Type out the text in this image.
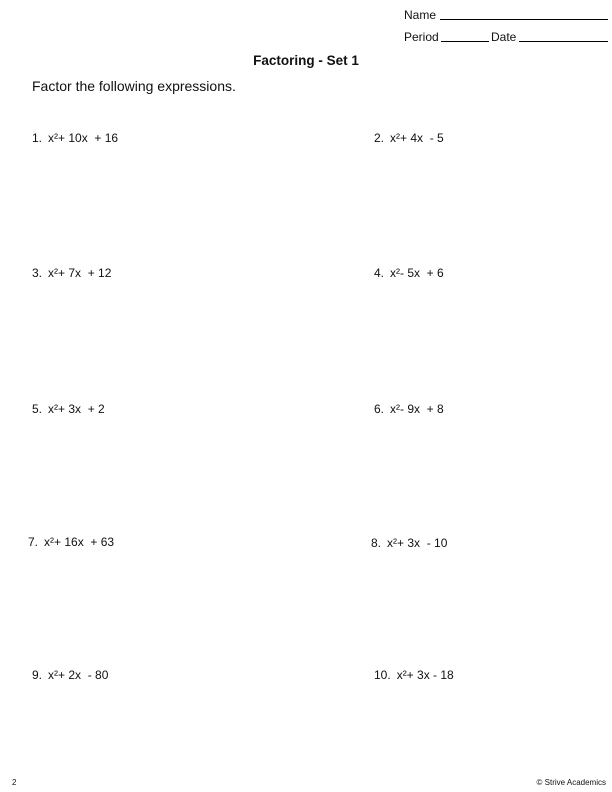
Name
Period	Date
Factoring - Set 1
Factor the following expressions.
1. x²+ 10x  + 16	2. x²+ 4x  - 5
3. x²+ 7x  + 12	4. x²- 5x  + 6
5. x²+ 3x  + 2	6. x²- 9x  + 8
7. x²+ 16x  + 63	8. x²+ 3x  - 10
9. x²+ 2x  - 80	10. x²+ 3x - 18
2	© Strive Academics
